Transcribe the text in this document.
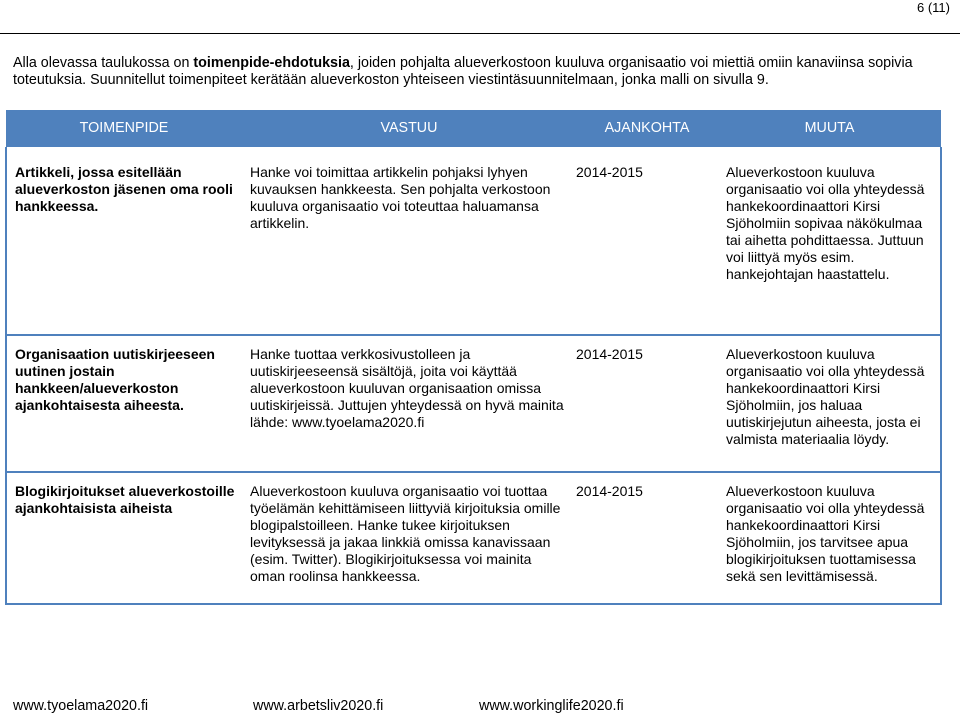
6 (11)

Alla olevassa taulukossa on toimenpide-ehdotuksia, joiden pohjalta alueverkostoon kuuluva organisaatio voi miettiä omiin kanaviinsa sopivia toteutuksia. Suunnitellut toimenpiteet kerätään alueverkoston yhteiseen viestintäsuunnitelmaan, jonka malli on sivulla 9.

TOIMENPIDE	VASTUU	AJANKOHTA	MUUTA
Artikkeli, jossa esitellään alueverkoston jäsenen oma rooli hankkeessa.	Hanke voi toimittaa artikkelin pohjaksi lyhyen kuvauksen hankkeesta. Sen pohjalta verkostoon kuuluva organisaatio voi toteuttaa haluamansa artikkelin.	2014-2015	Alueverkostoon kuuluva organisaatio voi olla yhteydessä hankekoordinaattori Kirsi Sjöholmiin sopivaa näkökulmaa tai aihetta pohdittaessa. Juttuun voi liittyä myös esim. hankejohtajan haastattelu.
Organisaation uutiskirjeeseen uutinen jostain hankkeen/alueverkoston ajankohtaisesta aiheesta.	Hanke tuottaa verkkosivustolleen ja uutiskirjeeseensä sisältöjä, joita voi käyttää alueverkostoon kuuluvan organisaation omissa uutiskirjeissä. Juttujen yhteydessä on hyvä mainita lähde: www.tyoelama2020.fi	2014-2015	Alueverkostoon kuuluva organisaatio voi olla yhteydessä hankekoordinaattori Kirsi Sjöholmiin, jos haluaa uutiskirjejutun aiheesta, josta ei valmista materiaalia löydy.
Blogikirjoitukset alueverkostoille ajankohtaisista aiheista	Alueverkostoon kuuluva organisaatio voi tuottaa työelämän kehittämiseen liittyviä kirjoituksia omille blogipalstoilleen. Hanke tukee kirjoituksen levityksessä ja jakaa linkkiä omissa kanavissaan (esim. Twitter). Blogikirjoituksessa voi mainita oman roolinsa hankkeessa.	2014-2015	Alueverkostoon kuuluva organisaatio voi olla yhteydessä hankekoordinaattori Kirsi Sjöholmiin, jos tarvitsee apua blogikirjoituksen tuottamisessa sekä sen levittämisessä.
www.tyoelama2020.fi	www.arbetsliv2020.fi	www.workinglife2020.fi
